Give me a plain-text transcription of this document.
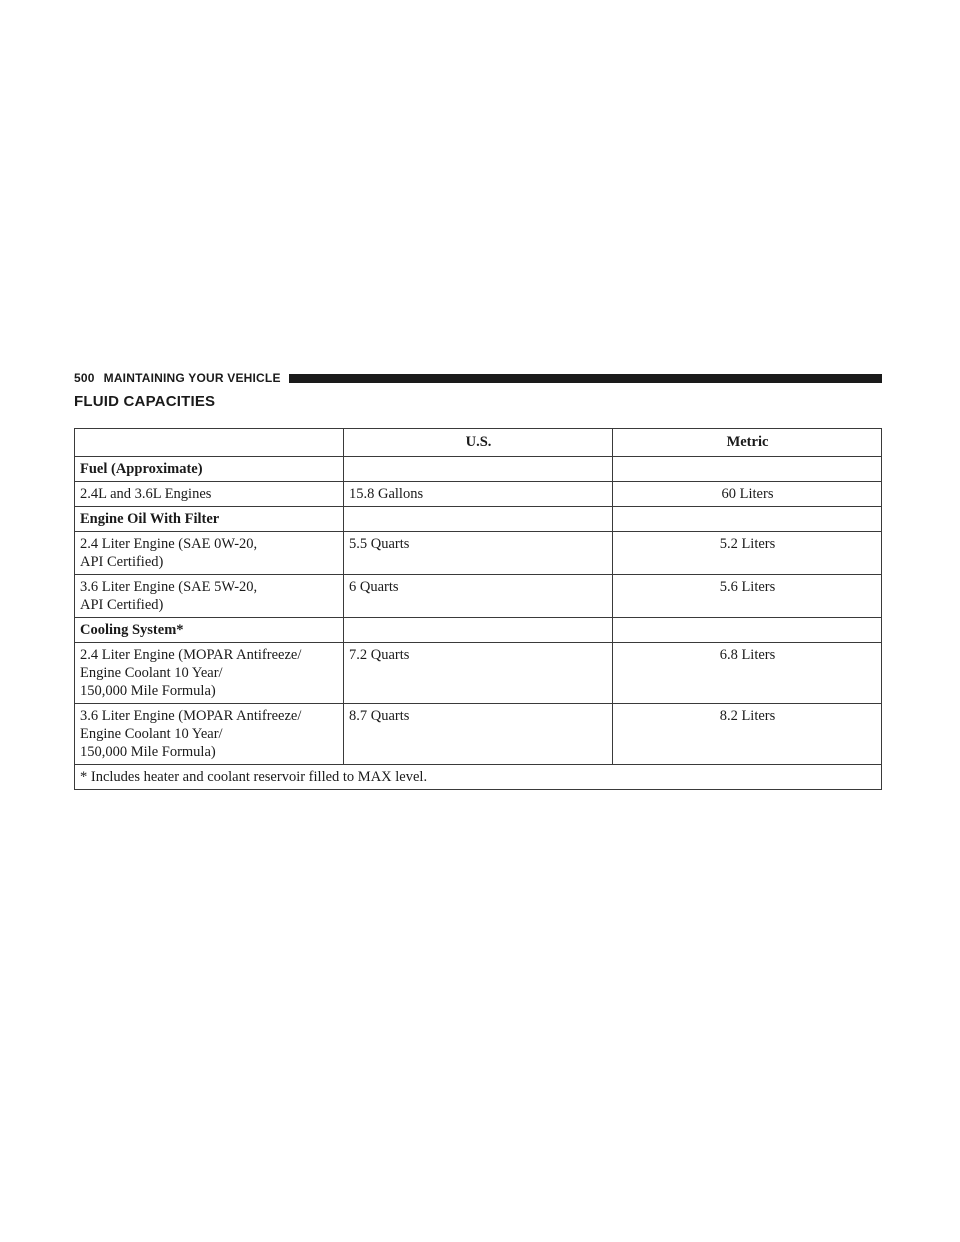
500 MAINTAINING YOUR VEHICLE
FLUID CAPACITIES
	U.S.	Metric
Fuel (Approximate)		

2.4L and 3.6L Engines	15.8 Gallons	60 Liters
Engine Oil With Filter		

2.4 Liter Engine (SAE 0W-20,
API Certified)	5.5 Quarts	5.2 Liters

3.6 Liter Engine (SAE 5W-20,
API Certified)	6 Quarts	5.6 Liters
Cooling System*		

2.4 Liter Engine (MOPAR Antifreeze/
Engine Coolant 10 Year/
150,000 Mile Formula)	7.2 Quarts	6.8 Liters

3.6 Liter Engine (MOPAR Antifreeze/
Engine Coolant 10 Year/
150,000 Mile Formula)	8.7 Quarts	8.2 Liters
* Includes heater and coolant reservoir filled to MAX level.		
